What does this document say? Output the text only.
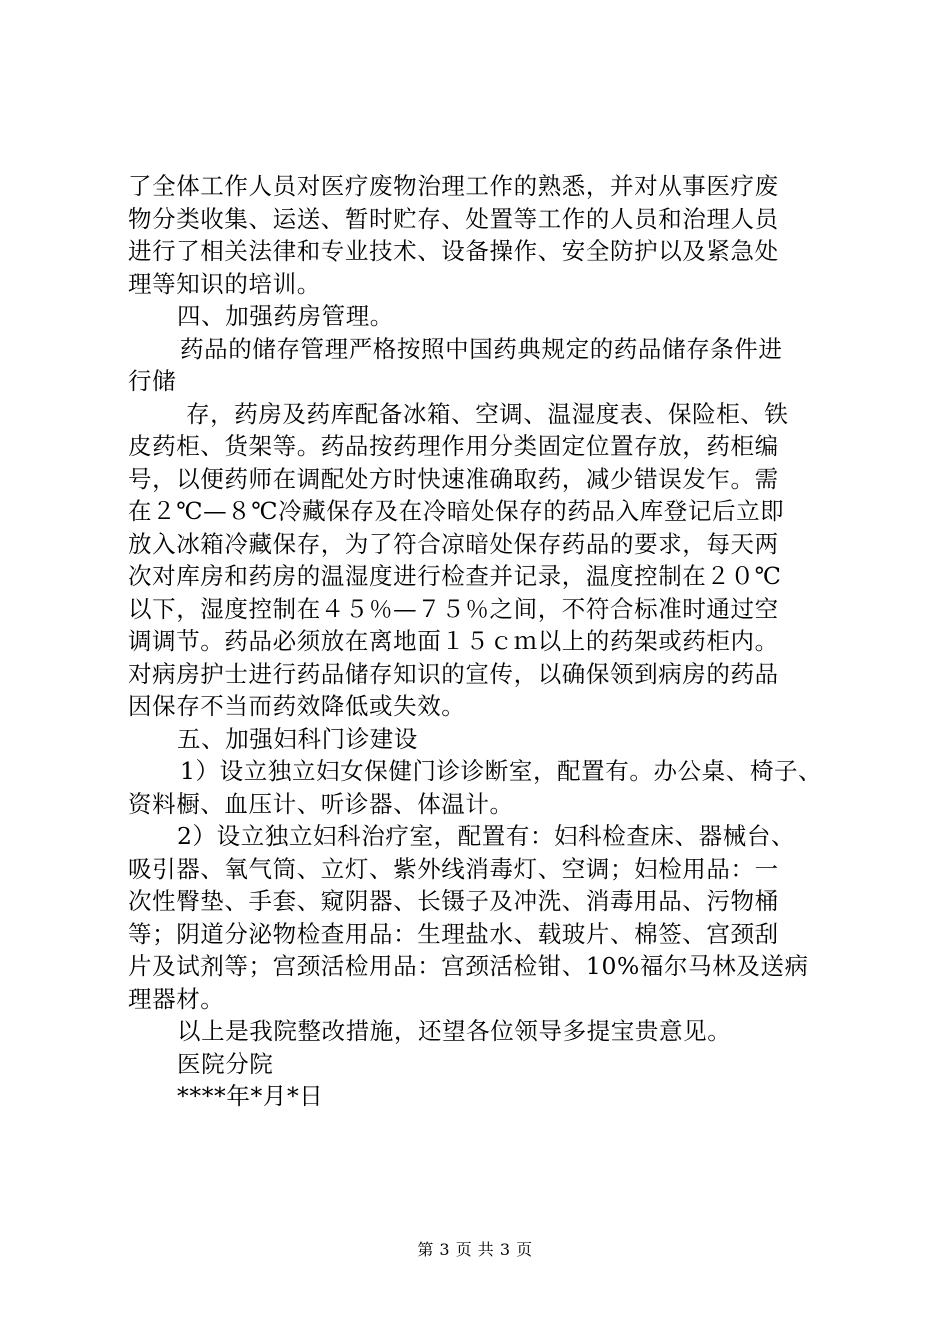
了全体工作人员对医疗废物治理工作的熟悉，并对从事医疗废
物分类收集、运送、暂时贮存、处置等工作的人员和治理人员
进行了相关法律和专业技术、设备操作、安全防护以及紧急处
理等知识的培训。
四、加强药房管理。
药品的储存管理严格按照中国药典规定的药品储存条件进
行储
存，药房及药库配备冰箱、空调、温湿度表、保险柜、铁
皮药柜、货架等。药品按药理作用分类固定位置存放，药柜编
号，以便药师在调配处方时快速准确取药，减少错误发乍。需
在２℃—８℃冷藏保存及在冷暗处保存的药品入库登记后立即
放入冰箱冷藏保存，为了符合凉暗处保存药品的要求，每天两
次对库房和药房的温湿度进行检查并记录，温度控制在２０℃
以下，湿度控制在４５％—７５％之间，不符合标准时通过空
调调节。药品必须放在离地面１５ｃｍ以上的药架或药柜内。
对病房护士进行药品储存知识的宣传，以确保领到病房的药品
因保存不当而药效降低或失效。
五、加强妇科门诊建设
1）设立独立妇女保健门诊诊断室，配置有。办公桌、椅子、
资料橱、血压计、听诊器、体温计。
2）设立独立妇科治疗室，配置有：妇科检查床、器械台、
吸引器、氧气筒、立灯、紫外线消毒灯、空调；妇检用品：一
次性臀垫、手套、窥阴器、长镊子及冲洗、消毒用品、污物桶
等；阴道分泌物检查用品：生理盐水、载玻片、棉签、宫颈刮
片及试剂等；宫颈活检用品：宫颈活检钳、10%福尔马林及送病
理器材。
以上是我院整改措施，还望各位领导多提宝贵意见。
医院分院
****年*月*日
第 3 页 共 3 页
